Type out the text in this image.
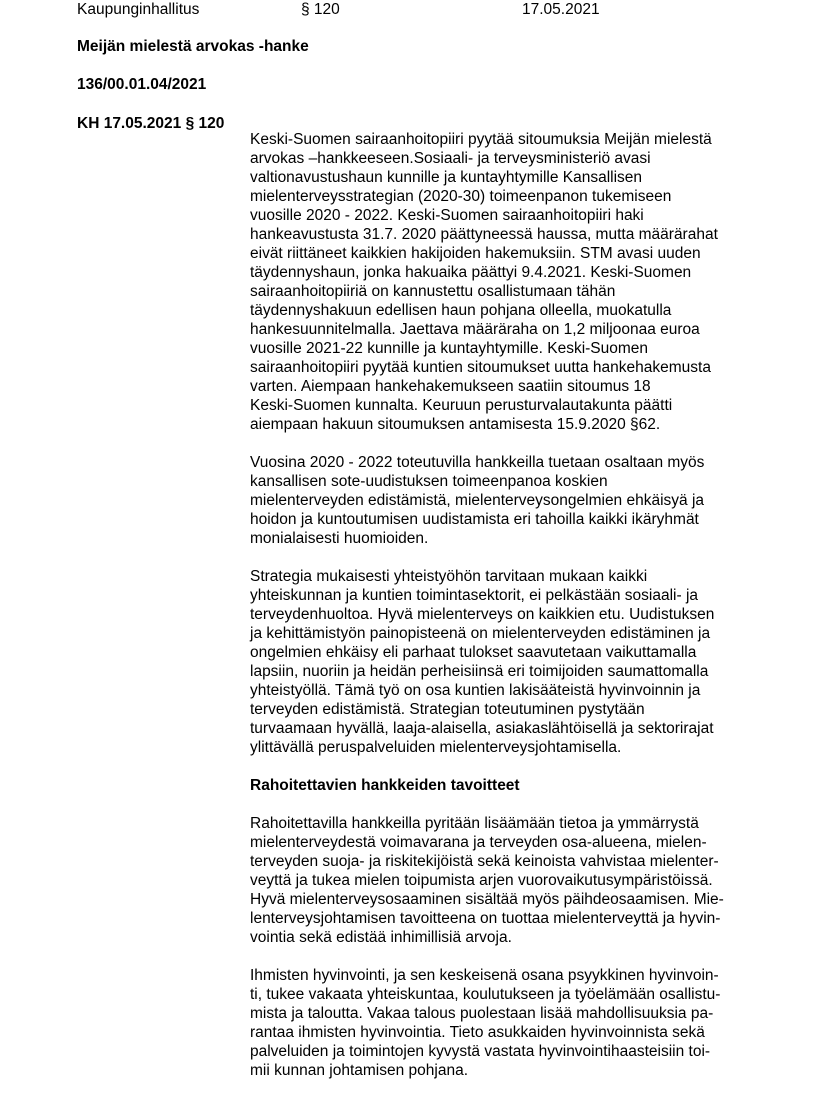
Kaupunginhallitus	§ 120	17.05.2021
Meijän mielestä arvokas -hanke
136/00.01.04/2021
KH 17.05.2021 § 120
Keski-Suomen sairaanhoitopiiri pyytää sitoumuksia Meijän mielestä
arvokas –hankkeeseen.Sosiaali- ja terveysministeriö avasi
valtionavustushaun kunnille ja kuntayhtymille Kansallisen
mielenterveysstrategian (2020-30) toimeenpanon tukemiseen
vuosille 2020 - 2022. Keski-Suomen sairaanhoitopiiri haki
hankeavustusta 31.7. 2020 päättyneessä haussa, mutta määrärahat
eivät riittäneet kaikkien hakijoiden hakemuksiin. STM avasi uuden
täydennyshaun, jonka hakuaika päättyi 9.4.2021. Keski-Suomen
sairaanhoitopiiriä on kannustettu osallistumaan tähän
täydennyshakuun edellisen haun pohjana olleella, muokatulla
hankesuunnitelmalla. Jaettava määräraha on 1,2 miljoonaa euroa
vuosille 2021-22 kunnille ja kuntayhtymille. Keski-Suomen
sairaanhoitopiiri pyytää kuntien sitoumukset uutta hankehakemusta
varten. Aiempaan hankehakemukseen saatiin sitoumus 18
Keski-Suomen kunnalta. Keuruun perusturvalautakunta päätti
aiempaan hakuun sitoumuksen antamisesta 15.9.2020 §62.
Vuosina 2020 - 2022 toteutuvilla hankkeilla tuetaan osaltaan myös
kansallisen sote-uudistuksen toimeenpanoa koskien
mielenterveyden edistämistä, mielenterveysongelmien ehkäisyä ja
hoidon ja kuntoutumisen uudistamista eri tahoilla kaikki ikäryhmät
monialaisesti huomioiden.
Strategia mukaisesti yhteistyöhön tarvitaan mukaan kaikki
yhteiskunnan ja kuntien toimintasektorit, ei pelkästään sosiaali- ja
terveydenhuoltoa. Hyvä mielenterveys on kaikkien etu. Uudistuksen
ja kehittämistyön painopisteenä on mielenterveyden edistäminen ja
ongelmien ehkäisy eli parhaat tulokset saavutetaan vaikuttamalla
lapsiin, nuoriin ja heidän perheisiinsä eri toimijoiden saumattomalla
yhteistyöllä. Tämä työ on osa kuntien lakisääteistä hyvinvoinnin ja
terveyden edistämistä. Strategian toteutuminen pystytään
turvaamaan hyvällä, laaja-alaisella, asiakaslähtöisellä ja sektorirajat
ylittävällä peruspalveluiden mielenterveysjohtamisella.
Rahoitettavien hankkeiden tavoitteet
Rahoitettavilla hankkeilla pyritään lisäämään tietoa ja ymmärrystä
mielenterveydestä voimavarana ja terveyden osa-alueena, mielen-
terveyden suoja- ja riskitekijöistä sekä keinoista vahvistaa mielenter-
veyttä ja tukea mielen toipumista arjen vuorovaikutusympäristöissä.
Hyvä mielenterveysosaaminen sisältää myös päihdeosaamisen. Mie-
lenterveysjohtamisen tavoitteena on tuottaa mielenterveyttä ja hyvin-
vointia sekä edistää inhimillisiä arvoja.
Ihmisten hyvinvointi, ja sen keskeisenä osana psyykkinen hyvinvoin-
ti, tukee vakaata yhteiskuntaa, koulutukseen ja työelämään osallistu-
mista ja taloutta. Vakaa talous puolestaan lisää mahdollisuuksia pa-
rantaa ihmisten hyvinvointia. Tieto asukkaiden hyvinvoinnista sekä
palveluiden ja toimintojen kyvystä vastata hyvinvointihaasteisiin toi-
mii kunnan johtamisen pohjana.
